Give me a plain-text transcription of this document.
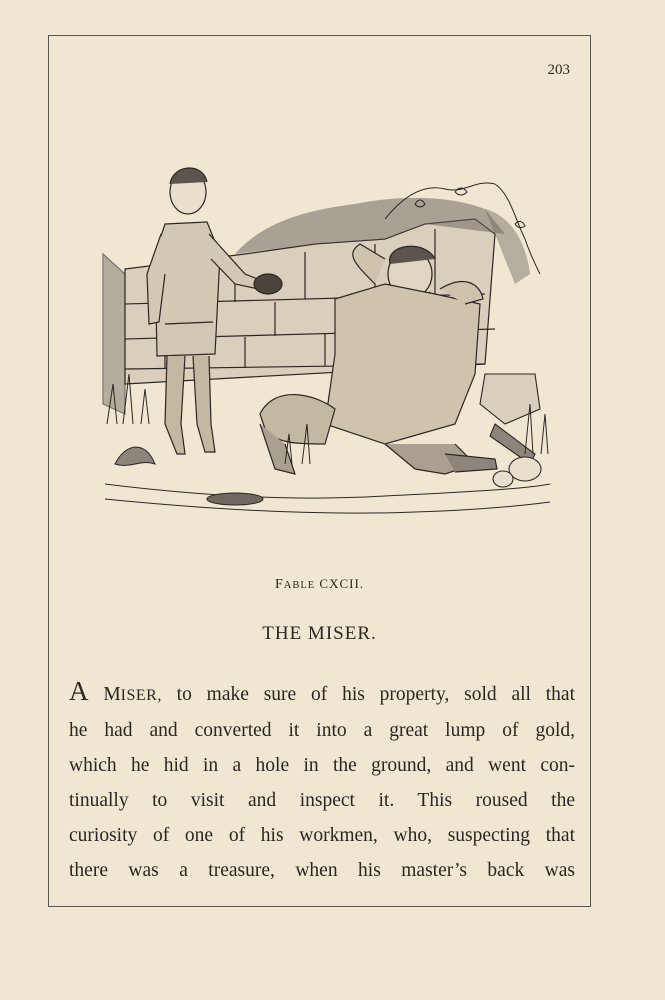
203
FABLE CXCII.
THE MISER.
A MISER, to make sure of his property, sold all that
he had and converted it into a great lump of gold,
which he hid in a hole in the ground, and went con-
tinually to visit and inspect it. This roused the
curiosity of one of his workmen, who, suspecting that
there was a treasure, when his master’s back was
